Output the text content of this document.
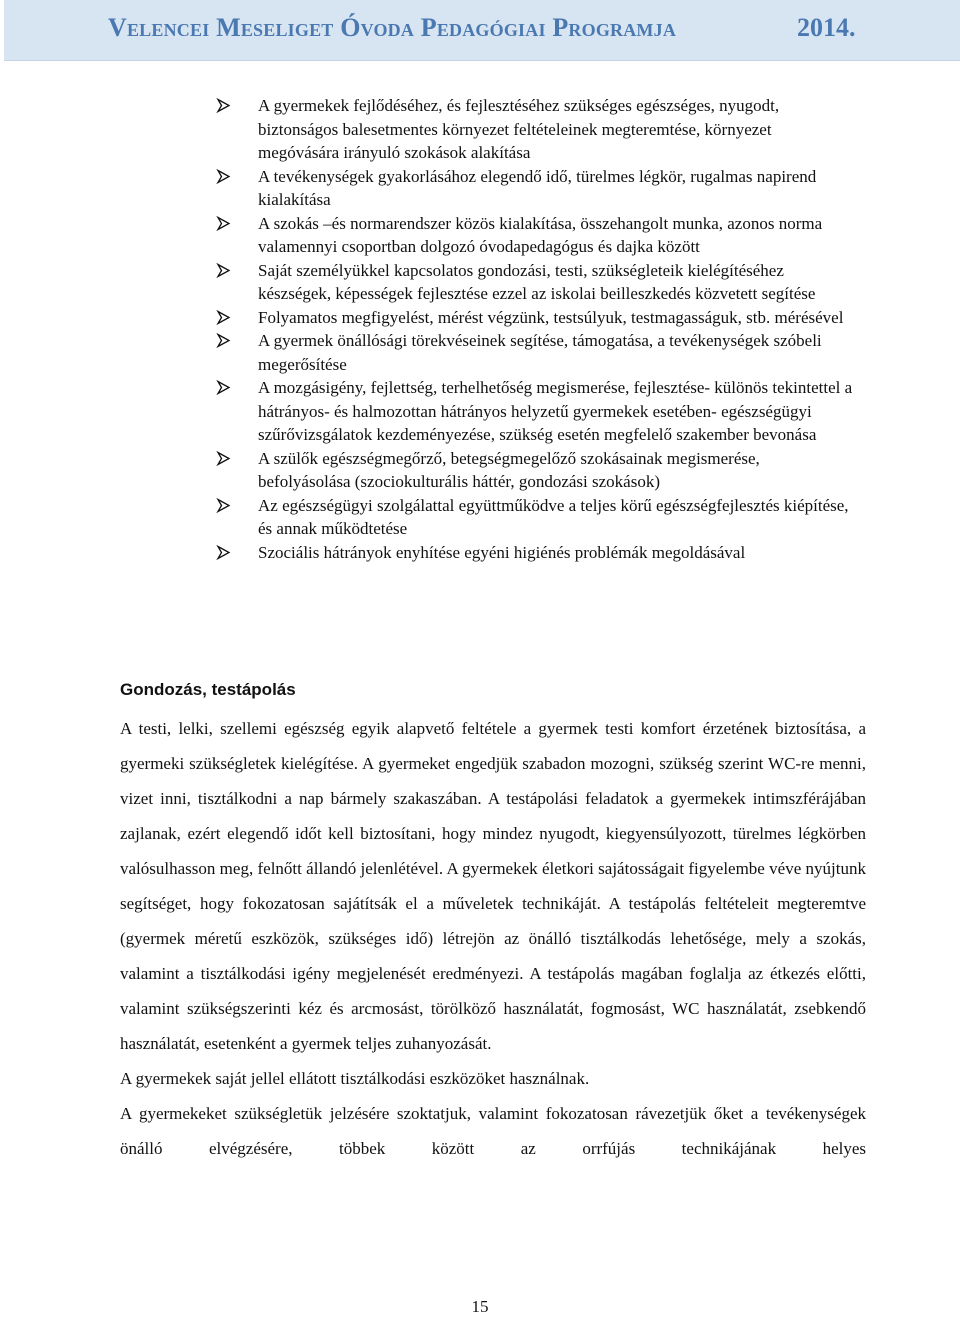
Velencei Meseliget Óvoda Pedagógiai Programja	2014.
A gyermekek fejlődéséhez, és fejlesztéséhez szükséges egészséges, nyugodt, biztonságos balesetmentes környezet feltételeinek megteremtése, környezet megóvására irányuló szokások alakítása
A tevékenységek gyakorlásához elegendő idő, türelmes légkör, rugalmas napirend kialakítása
A szokás –és normarendszer közös kialakítása, összehangolt munka, azonos norma valamennyi csoportban dolgozó óvodapedagógus és dajka között
Saját személyükkel kapcsolatos gondozási, testi, szükségleteik kielégítéséhez készségek, képességek fejlesztése ezzel az iskolai beilleszkedés közvetett segítése
Folyamatos megfigyelést, mérést végzünk, testsúlyuk, testmagasságuk, stb. mérésével
A gyermek önállósági törekvéseinek segítése, támogatása, a tevékenységek szóbeli megerősítése
A mozgásigény, fejlettség, terhelhetőség megismerése, fejlesztése- különös tekintettel a hátrányos- és halmozottan hátrányos helyzetű gyermekek esetében- egészségügyi szűrővizsgálatok kezdeményezése, szükség esetén megfelelő szakember bevonása
A szülők egészségmegőrző, betegségmegelőző szokásainak megismerése, befolyásolása (szociokulturális háttér, gondozási szokások)
Az egészségügyi szolgálattal együttműködve a teljes körű egészségfejlesztés kiépítése, és annak működtetése
Szociális hátrányok enyhítése egyéni higiénés problémák megoldásával
Gondozás, testápolás

A testi, lelki, szellemi egészség egyik alapvető feltétele a gyermek testi komfort érzetének biztosítása, a gyermeki szükségletek kielégítése. A gyermeket engedjük szabadon mozogni, szükség szerint WC-re menni, vizet inni, tisztálkodni a nap bármely szakaszában. A testápolási feladatok a gyermekek intimszférájában zajlanak, ezért elegendő időt kell biztosítani, hogy mindez nyugodt, kiegyensúlyozott, türelmes légkörben valósulhasson meg, felnőtt állandó jelenlétével. A gyermekek életkori sajátosságait figyelembe véve nyújtunk segítséget, hogy fokozatosan sajátítsák el a műveletek technikáját. A testápolás feltételeit megteremtve (gyermek méretű eszközök, szükséges idő) létrejön az önálló tisztálkodás lehetősége, mely a szokás, valamint a tisztálkodási igény megjelenését eredményezi. A testápolás magában foglalja az étkezés előtti, valamint szükségszerinti kéz és arcmosást, törölköző használatát, fogmosást, WC használatát, zsebkendő használatát, esetenként a gyermek teljes zuhanyozását.

A gyermekek saját jellel ellátott tisztálkodási eszközöket használnak.

A gyermekeket szükségletük jelzésére szoktatjuk, valamint fokozatosan rávezetjük őket a tevékenységek önálló elvégzésére, többek között az orrfújás technikájának helyes

15
